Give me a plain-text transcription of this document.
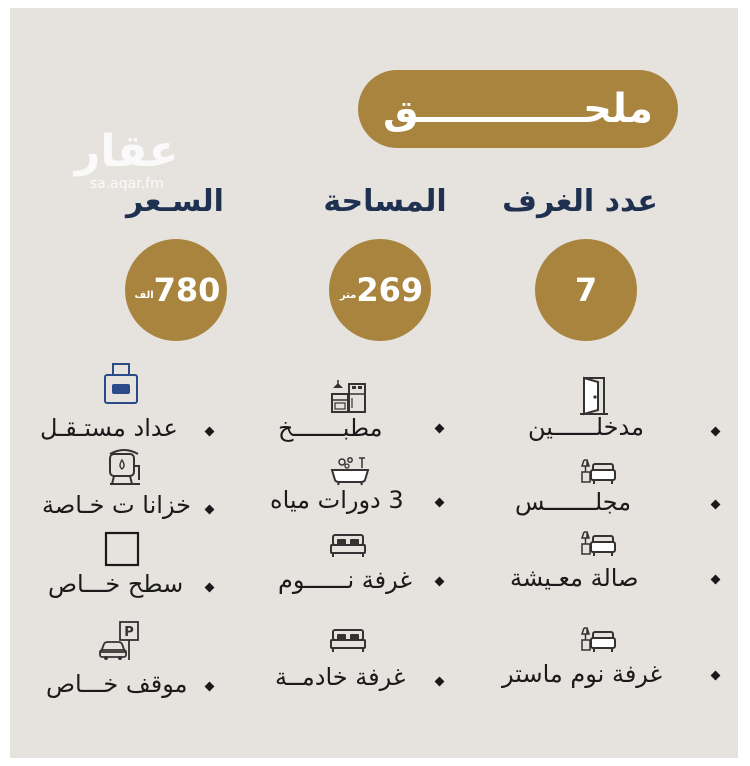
ملحــــــــــــق
عقار
sa.aqar.fm	عدد الغرف
المساحة
السـعر
7
متر 269
الف 780
مدخلــــــين
مجلـــــــس
صالة معـيشة
غرفة نوم ماستر
مطبـــــــخ
3 دورات مياه
غرفة نــــــوم
غرفة خادمــة
عداد مستـقـل
خزانا ت خـاصة
سطح خـــاص
P
موقف خـــاص
